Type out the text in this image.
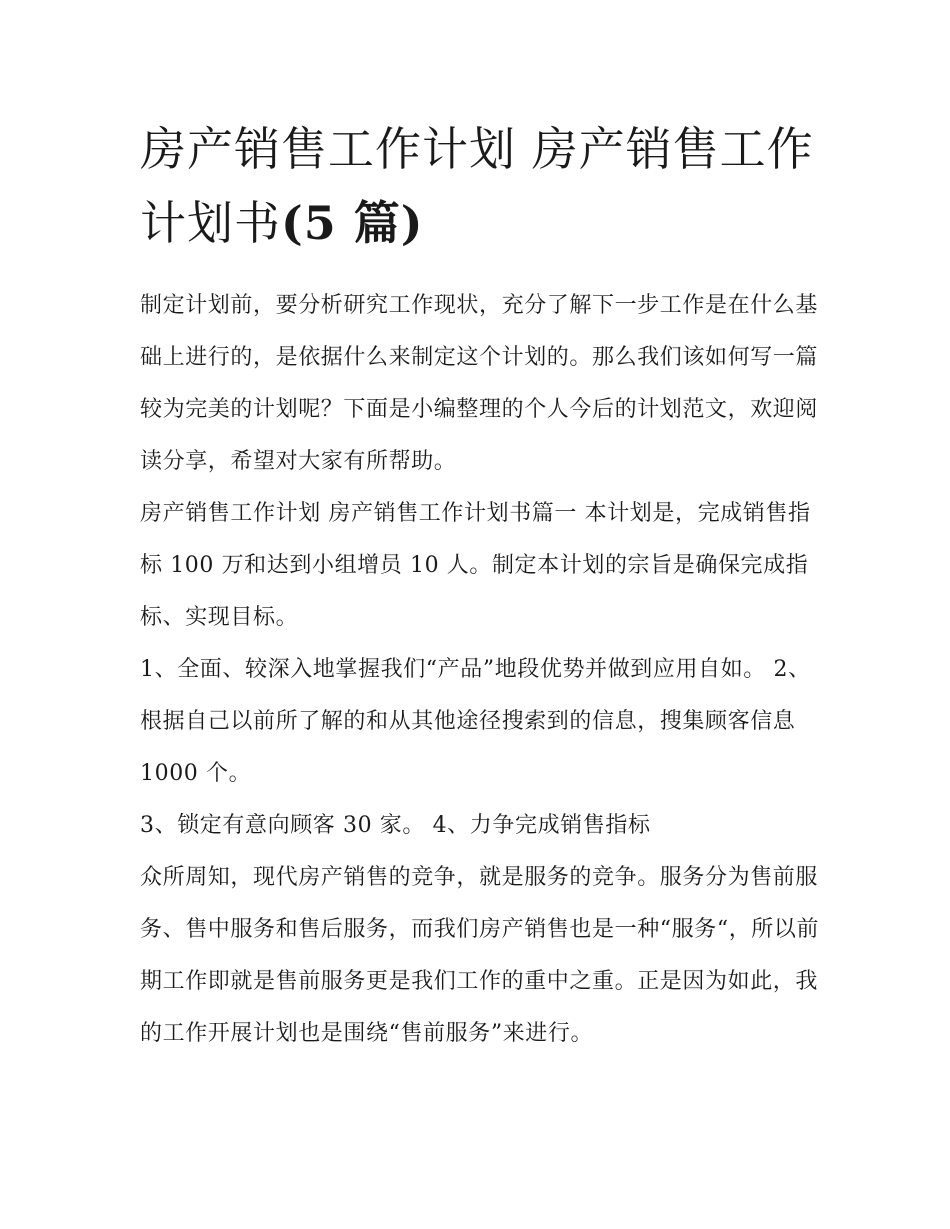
房产销售工作计划 房产销售工作计划书(5 篇)

制定计划前，要分析研究工作现状，充分了解下一步工作是在什么基础上进行的，是依据什么来制定这个计划的。那么我们该如何写一篇较为完美的计划呢？下面是小编整理的个人今后的计划范文，欢迎阅读分享，希望对大家有所帮助。

房产销售工作计划 房产销售工作计划书篇一 本计划是，完成销售指标 100 万和达到小组增员 10 人。制定本计划的宗旨是确保完成指标、实现目标。

1、全面、较深入地掌握我们“产品”地段优势并做到应用自如。 2、根据自己以前所了解的和从其他途径搜索到的信息，搜集顾客信息 1000 个。

3、锁定有意向顾客 30 家。 4、力争完成销售指标

众所周知，现代房产销售的竞争，就是服务的竞争。服务分为售前服务、售中服务和售后服务，而我们房产销售也是一种“服务“，所以前期工作即就是售前服务更是我们工作的重中之重。正是因为如此，我的工作开展计划也是围绕“售前服务”来进行。
